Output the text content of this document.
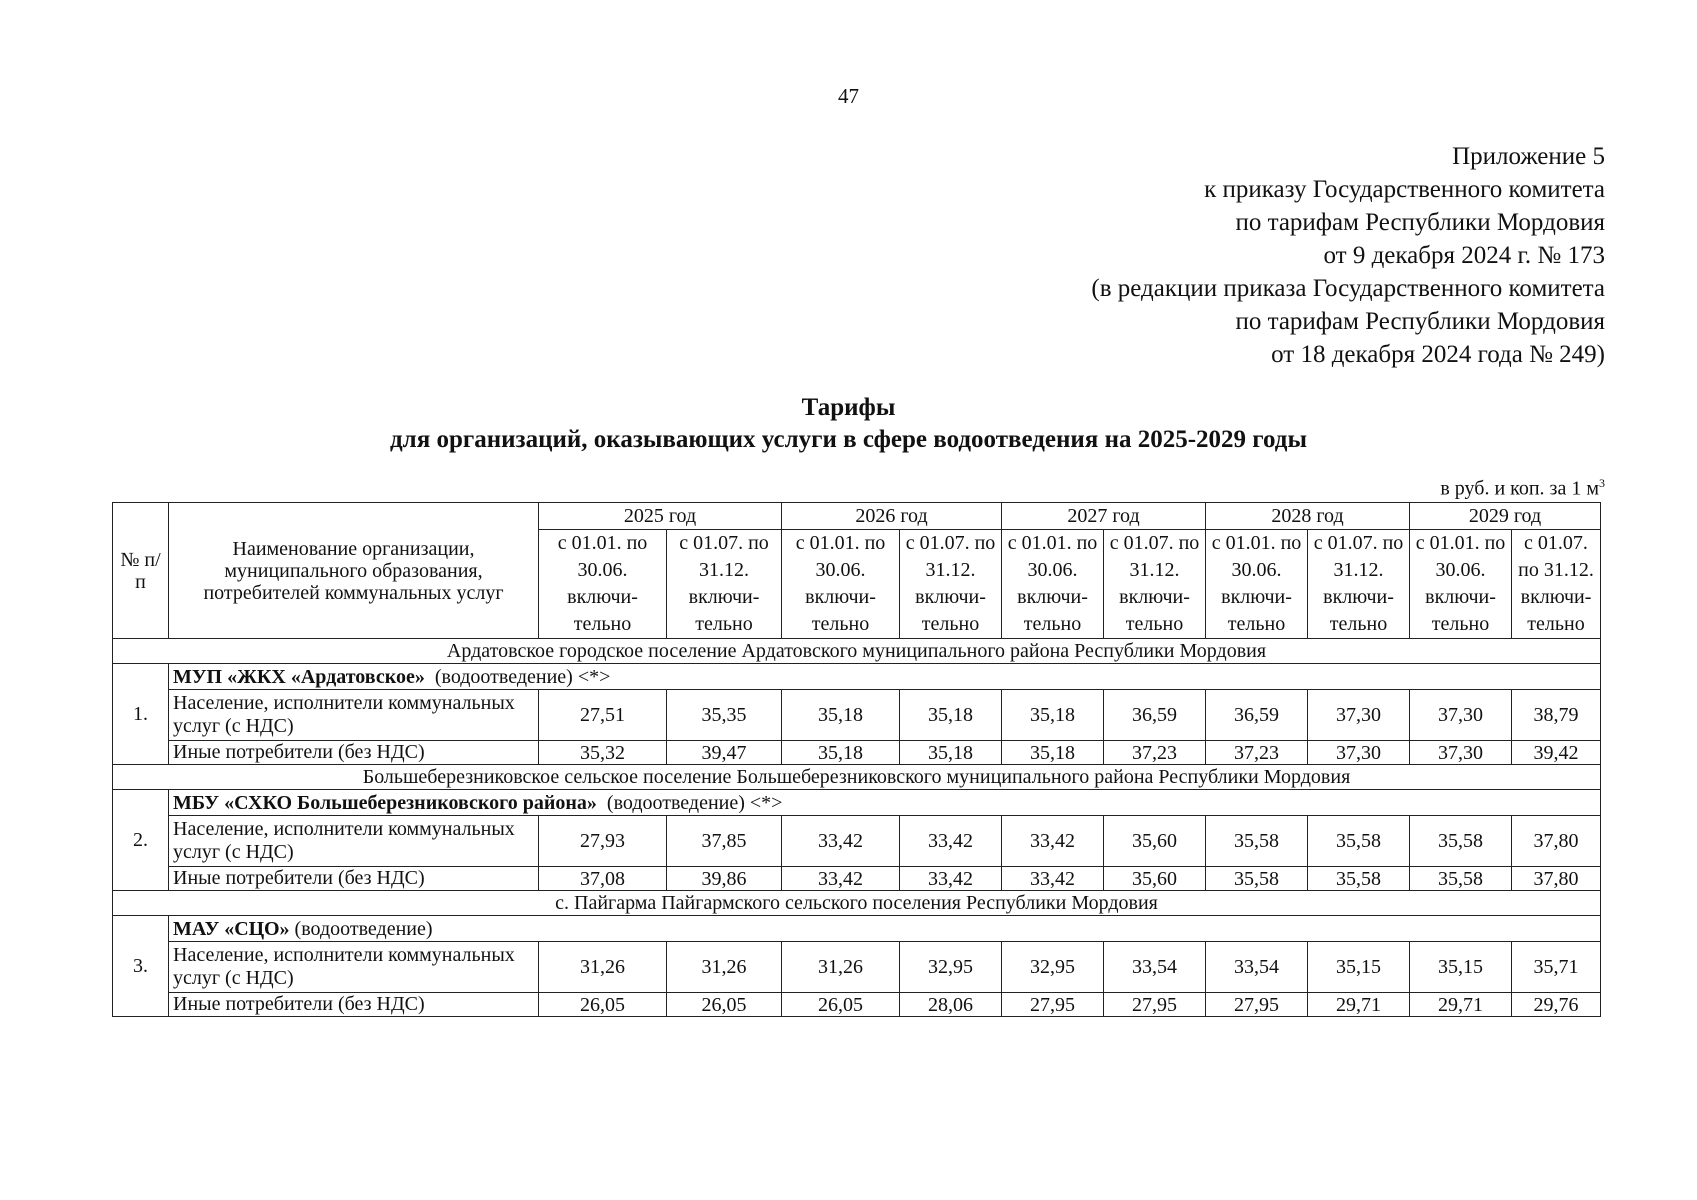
47
Приложение 5
к приказу Государственного комитета
по тарифам Республики Мордовия
от 9 декабря 2024 г. № 173
(в редакции приказа Государственного комитета
по тарифам Республики Мордовия
от 18 декабря 2024 года № 249)
Тарифы
для организаций, оказывающих услуги в сфере водоотведения на 2025-2029 годы
в руб. и коп. за 1 $м^3$
№ п/п	Наименование организации, муниципального образования, потребителей коммунальных услуг	2025 год		2026 год		2027 год		2028 год		2029 год	
		с 01.01. по 30.06. включи-тельно	с 01.07. по 31.12. включи-тельно	с 01.01. по 30.06. включи-тельно	с 01.07. по 31.12. включи-тельно	с 01.01. по 30.06. включи-тельно	с 01.07. по 31.12. включи-тельно	с 01.01. по 30.06. включи-тельно	с 01.07. по 31.12. включи-тельно	с 01.01. по 30.06. включи-тельно	с 01.07. по 31.12. включи-тельно
Ардатовское городское поселение Ардатовского муниципального района Республики Мордовия											
1.	МУП «ЖКХ «Ардатовское» (водоотведение) <*>										
	Население, исполнители коммунальных услуг (с НДС)	27,51	35,35	35,18	35,18	35,18	36,59	36,59	37,30	37,30	38,79
	Иные потребители (без НДС)	35,32	39,47	35,18	35,18	35,18	37,23	37,23	37,30	37,30	39,42
Большеберезниковское сельское поселение Большеберезниковского муниципального района Республики Мордовия											
2.	МБУ «СХКО Большеберезниковского района» (водоотведение) <*>										
	Население, исполнители коммунальных услуг (с НДС)	27,93	37,85	33,42	33,42	33,42	35,60	35,58	35,58	35,58	37,80
	Иные потребители (без НДС)	37,08	39,86	33,42	33,42	33,42	35,60	35,58	35,58	35,58	37,80
с. Пайгарма Пайгармского сельского поселения Республики Мордовия											
3.	МАУ «СЦО» (водоотведение)										
	Население, исполнители коммунальных услуг (с НДС)	31,26	31,26	31,26	32,95	32,95	33,54	33,54	35,15	35,15	35,71
	Иные потребители (без НДС)	26,05	26,05	26,05	28,06	27,95	27,95	27,95	29,71	29,71	29,76
